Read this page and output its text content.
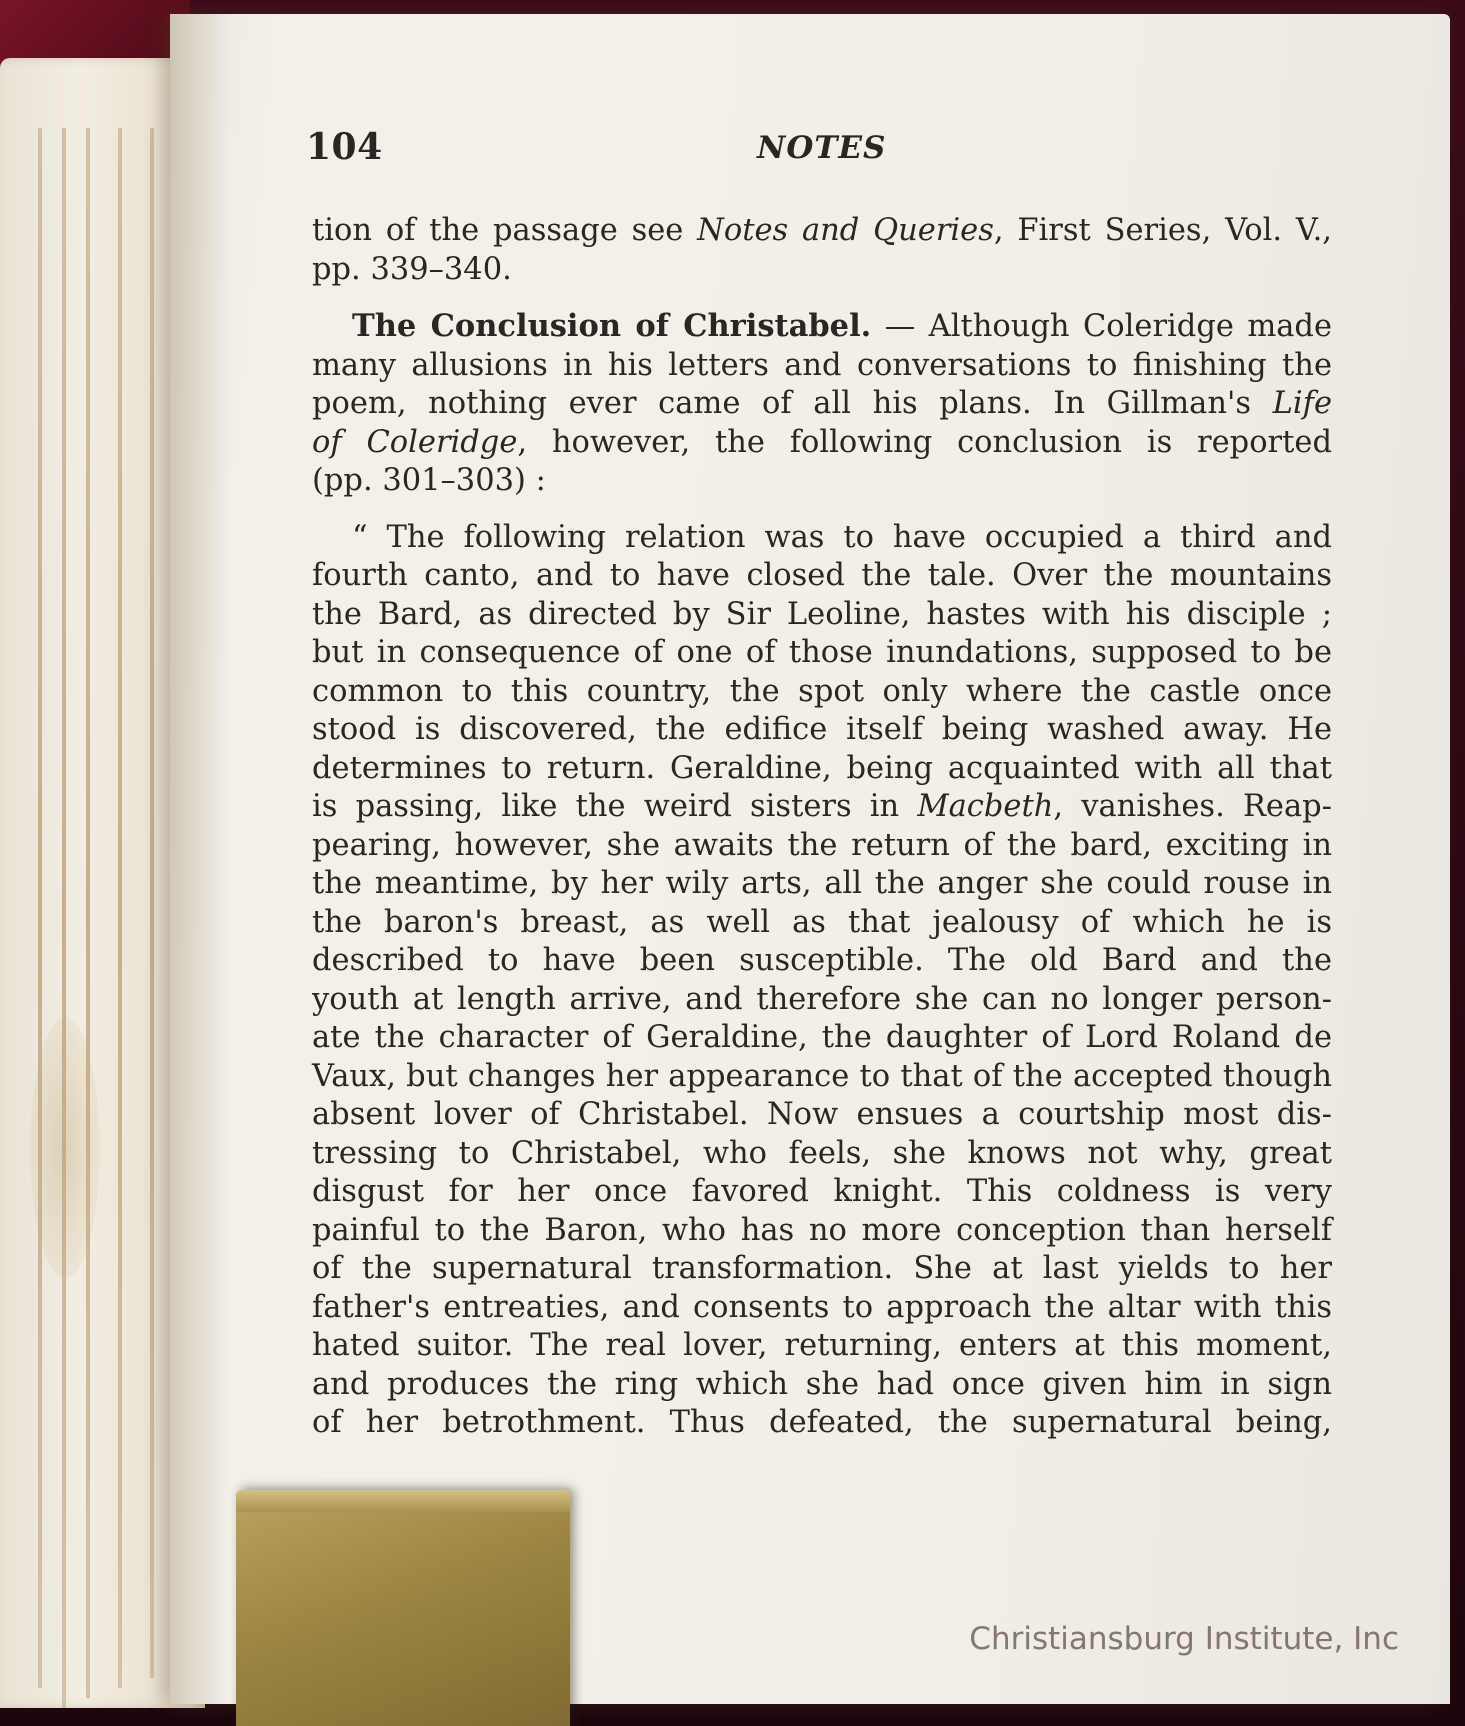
104	NOTES
tion of the passage see Notes and Queries, First Series, Vol. V.,
pp. 339–340.
The Conclusion of Christabel. — Although Coleridge made
many allusions in his letters and conversations to finishing the
poem, nothing ever came of all his plans. In Gillman's Life
of Coleridge, however, the following conclusion is reported
(pp. 301–303) :
“ The following relation was to have occupied a third and
fourth canto, and to have closed the tale. Over the mountains
the Bard, as directed by Sir Leoline, hastes with his disciple ;
but in consequence of one of those inundations, supposed to be
common to this country, the spot only where the castle once
stood is discovered, the edifice itself being washed away. He
determines to return. Geraldine, being acquainted with all that
is passing, like the weird sisters in Macbeth, vanishes. Reap-
pearing, however, she awaits the return of the bard, exciting in
the meantime, by her wily arts, all the anger she could rouse in
the baron's breast, as well as that jealousy of which he is
described to have been susceptible. The old Bard and the
youth at length arrive, and therefore she can no longer person-
ate the character of Geraldine, the daughter of Lord Roland de
Vaux, but changes her appearance to that of the accepted though
absent lover of Christabel. Now ensues a courtship most dis-
tressing to Christabel, who feels, she knows not why, great
disgust for her once favored knight. This coldness is very
painful to the Baron, who has no more conception than herself
of the supernatural transformation. She at last yields to her
father's entreaties, and consents to approach the altar with this
hated suitor. The real lover, returning, enters at this moment,
and produces the ring which she had once given him in sign
of her betrothment. Thus defeated, the supernatural being,
Christiansburg Institute, Inc
